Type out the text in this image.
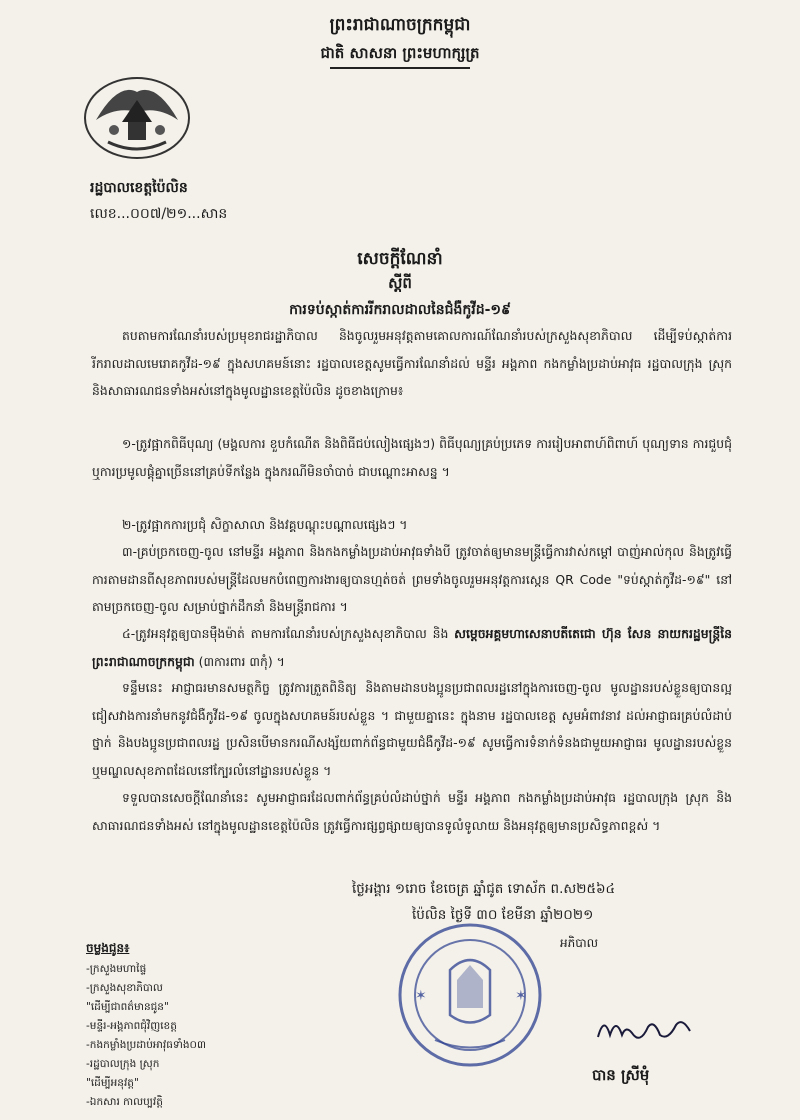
ព្រះរាជាណាចក្រកម្ពុជា
ជាតិ សាសនា ព្រះមហាក្សត្រ
រដ្ឋបាលខេត្តប៉ៃលិន
លេខ...០០៧/២១...សាន
សេចក្តីណែនាំ
ស្តីពី
ការទប់ស្កាត់ការរីករាលដាលនៃជំងឺកូវីដ-១៩

តបតាមការណែនាំរបស់ប្រមុខរាជរដ្ឋាភិបាល និងចូលរួមអនុវត្តតាមគោលការណ៍ណែនាំរបស់ក្រសួងសុខាភិបាល ដើម្បីទប់ស្កាត់ការរីករាលដាលមេរោគកូវីដ-១៩ ក្នុងសហគមន៍នោះ រដ្ឋបាលខេត្តសូមធ្វើការណែនាំដល់ មន្ទីរ អង្គភាព កងកម្លាំងប្រដាប់អាវុធ រដ្ឋបាលក្រុង ស្រុក និងសាធារណជនទាំងអស់នៅក្នុងមូលដ្ឋានខេត្តប៉ៃលិន ដូចខាងក្រោម៖

១-ត្រូវផ្អាកពិធីបុណ្យ (មង្គលការ ខួបកំណើត និងពិធីជប់លៀងផ្សេងៗ) ពិធីបុណ្យគ្រប់ប្រភេទ ការរៀបអាពាហ៍ពិពាហ៍ បុណ្យទាន ការជួបជុំ ឬការប្រមូលផ្តុំគ្នាច្រើននៅគ្រប់ទីកន្លែង ក្នុងករណីមិនចាំបាច់ ជាបណ្តោះអាសន្ន ។

២-ត្រូវផ្អាកការប្រជុំ សិក្ខាសាលា និងវគ្គបណ្តុះបណ្តាលផ្សេងៗ ។

៣-គ្រប់ច្រកចេញ-ចូល នៅមន្ទីរ អង្គភាព និងកងកម្លាំងប្រដាប់អាវុធទាំងបី ត្រូវចាត់ឲ្យមានមន្ត្រីធ្វើការវាស់កម្តៅ បាញ់អាល់កុល និងត្រូវធ្វើការតាមដានពីសុខភាពរបស់មន្ត្រីដែលមកបំពេញការងារឲ្យបានហ្មត់ចត់ ព្រមទាំងចូលរួមអនុវត្តការស្កេន QR Code "ទប់ស្កាត់កូវីដ-១៩" នៅតាមច្រកចេញ-ចូល សម្រាប់ថ្នាក់ដឹកនាំ និងមន្ត្រីរាជការ ។

៤-ត្រូវអនុវត្តឲ្យបានម៉ឺងម៉ាត់ តាមការណែនាំរបស់ក្រសួងសុខាភិបាល និង សម្តេចអគ្គមហាសេនាបតីតេជោ ហ៊ុន សែន នាយករដ្ឋមន្ត្រីនៃព្រះរាជាណាចក្រកម្ពុជា (៣ការពារ ៣កុំ) ។

ទន្ទឹមនេះ អាជ្ញាធរមានសមត្ថកិច្ច ត្រូវការត្រួតពិនិត្យ និងតាមដានបងប្អូនប្រជាពលរដ្ឋនៅក្នុងការចេញ-ចូល មូលដ្ឋានរបស់ខ្លួនឲ្យបានល្អ ជៀសវាងការនាំមកនូវជំងឺកូវីដ-១៩ ចូលក្នុងសហគមន៍របស់ខ្លួន ។ ជាមួយគ្នានេះ ក្នុងនាម រដ្ឋបាលខេត្ត សូមអំពាវនាវ ដល់អាជ្ញាធរគ្រប់លំដាប់ថ្នាក់ និងបងប្អូនប្រជាពលរដ្ឋ ប្រសិនបើមានករណីសង្ស័យពាក់ព័ន្ធជាមួយជំងឺកូវីដ-១៩ សូមធ្វើការទំនាក់ទំនងជាមួយអាជ្ញាធរ មូលដ្ឋានរបស់ខ្លួន ឬមណ្ឌលសុខភាពដែលនៅក្បែរលំនៅដ្ឋានរបស់ខ្លួន ។

ទទួលបានសេចក្តីណែនាំនេះ សូមអាជ្ញាធរដែលពាក់ព័ន្ធគ្រប់លំដាប់ថ្នាក់ មន្ទីរ អង្គភាព កងកម្លាំងប្រដាប់អាវុធ រដ្ឋបាលក្រុង ស្រុក និងសាធារណជនទាំងអស់ នៅក្នុងមូលដ្ឋានខេត្តប៉ៃលិន ត្រូវធ្វើការផ្សព្វផ្សាយឲ្យបានទូលំទូលាយ និងអនុវត្តឲ្យមានប្រសិទ្ធភាពខ្ពស់ ។

ថ្ងៃអង្គារ ១រោច ខែចេត្រ ឆ្នាំជូត ទោស័ក ព.ស២៥៦៤
ប៉ៃលិន ថ្ងៃទី ៣០ ខែមីនា ឆ្នាំ២០២១
ចម្លងជូន៖
-ក្រសួងមហាផ្ទៃ
-ក្រសួងសុខាភិបាល
"ដើម្បីជាពត៌មានជូន"
-មន្ទីរ-អង្គភាពជុំវិញខេត្ត
-កងកម្លាំងប្រដាប់អាវុធទាំង០៣
-រដ្ឋបាលក្រុង ស្រុក
"ដើម្បីអនុវត្ត"
-ឯកសារ កាលប្បវត្តិ
✶	✶
អភិបាល
បាន ស្រីមុំ
